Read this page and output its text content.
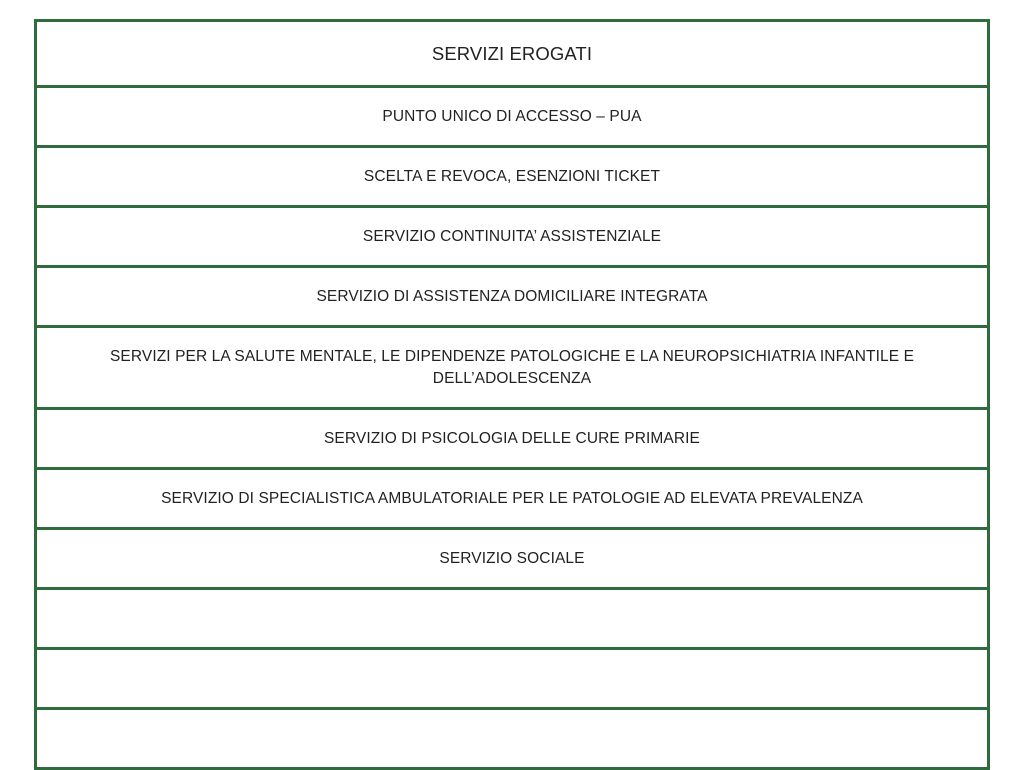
SERVIZI EROGATI
PUNTO UNICO DI ACCESSO – PUA
SCELTA E REVOCA, ESENZIONI TICKET
SERVIZIO CONTINUITA’ ASSISTENZIALE
SERVIZIO DI ASSISTENZA DOMICILIARE INTEGRATA
SERVIZI PER LA SALUTE MENTALE, LE DIPENDENZE PATOLOGICHE E LA NEUROPSICHIATRIA INFANTILE E DELL’ADOLESCENZA
SERVIZIO DI PSICOLOGIA DELLE CURE PRIMARIE
SERVIZIO DI SPECIALISTICA AMBULATORIALE PER LE PATOLOGIE AD ELEVATA PREVALENZA
SERVIZIO SOCIALE
